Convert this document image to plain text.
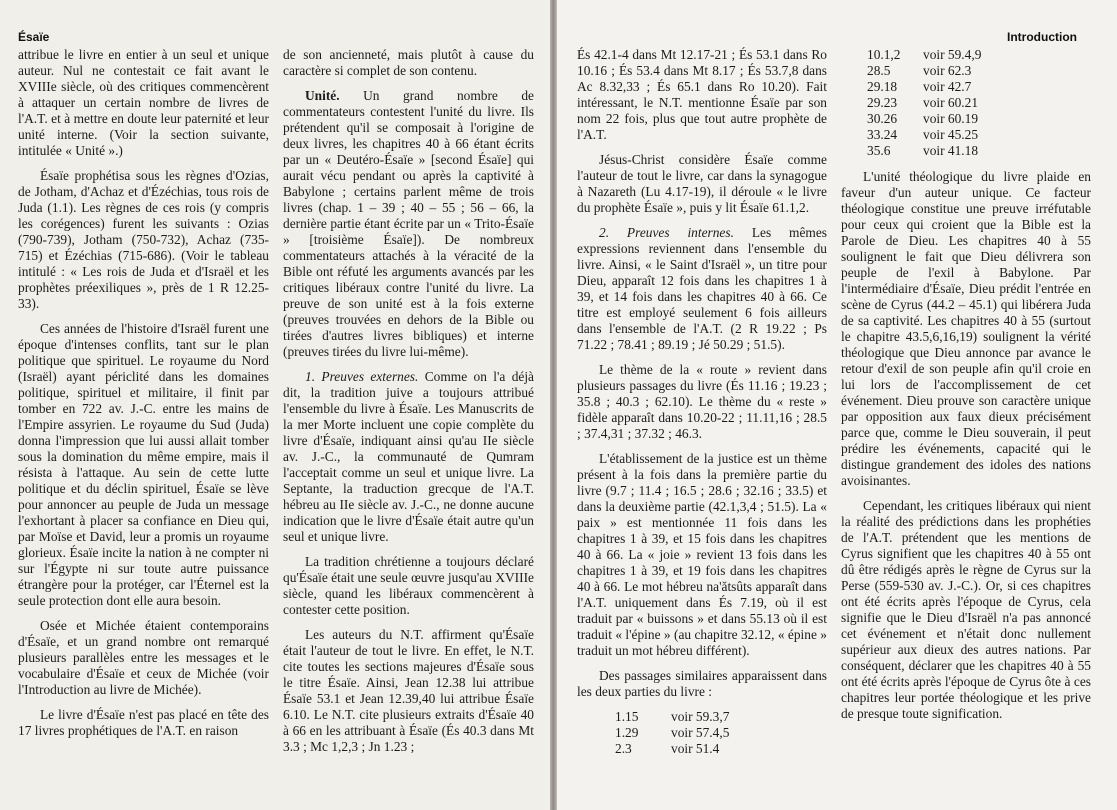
Ésaïe

attribue le livre en entier à un seul et unique auteur. Nul ne contestait ce fait avant le XVIIIe siècle, où des critiques commencèrent à attaquer un certain nombre de livres de l'A.T. et à mettre en doute leur paternité et leur unité interne. (Voir la section suivante, intitulée « Unité ».)

Ésaïe prophétisa sous les règnes d'Ozias, de Jotham, d'Achaz et d'Ézéchias, tous rois de Juda (1.1). Les règnes de ces rois (y compris les corégences) furent les suivants : Ozias (790-739), Jotham (750-732), Achaz (735-715) et Ézéchias (715-686). (Voir le tableau intitulé : « Les rois de Juda et d'Israël et les prophètes préexiliques », près de 1 R 12.25-33).

Ces années de l'histoire d'Israël furent une époque d'intenses conflits, tant sur le plan politique que spirituel. Le royaume du Nord (Israël) ayant périclité dans les domaines politique, spirituel et militaire, il finit par tomber en 722 av. J.-C. entre les mains de l'Empire assyrien. Le royaume du Sud (Juda) donna l'impression que lui aussi allait tomber sous la domination du même empire, mais il résista à l'attaque. Au sein de cette lutte politique et du déclin spirituel, Ésaïe se lève pour annoncer au peuple de Juda un message l'exhortant à placer sa confiance en Dieu qui, par Moïse et David, leur a promis un royaume glorieux. Ésaïe incite la nation à ne compter ni sur l'Égypte ni sur toute autre puissance étrangère pour la protéger, car l'Éternel est la seule protection dont elle aura besoin.

Osée et Michée étaient contemporains d'Ésaïe, et un grand nombre ont remarqué plusieurs parallèles entre les messages et le vocabulaire d'Ésaïe et ceux de Michée (voir l'Introduction au livre de Michée).

Le livre d'Ésaïe n'est pas placé en tête des 17 livres prophétiques de l'A.T. en raison

de son ancienneté, mais plutôt à cause du caractère si complet de son contenu.

Unité. Un grand nombre de commentateurs contestent l'unité du livre. Ils prétendent qu'il se composait à l'origine de deux livres, les chapitres 40 à 66 étant écrits par un « Deutéro-Ésaïe » [second Ésaïe] qui aurait vécu pendant ou après la captivité à Babylone ; certains parlent même de trois livres (chap. 1 – 39 ; 40 – 55 ; 56 – 66, la dernière partie étant écrite par un « Trito-Ésaïe » [troisième Ésaïe]). De nombreux commentateurs attachés à la véracité de la Bible ont réfuté les arguments avancés par les critiques libéraux contre l'unité du livre. La preuve de son unité est à la fois externe (preuves trouvées en dehors de la Bible ou tirées d'autres livres bibliques) et interne (preuves tirées du livre lui-même).

1. Preuves externes. Comme on l'a déjà dit, la tradition juive a toujours attribué l'ensemble du livre à Ésaïe. Les Manuscrits de la mer Morte incluent une copie complète du livre d'Ésaïe, indiquant ainsi qu'au IIe siècle av. J.-C., la communauté de Qumram l'acceptait comme un seul et unique livre. La Septante, la traduction grecque de l'A.T. hébreu au IIe siècle av. J.-C., ne donne aucune indication que le livre d'Ésaïe était autre qu'un seul et unique livre.

La tradition chrétienne a toujours déclaré qu'Ésaïe était une seule œuvre jusqu'au XVIIIe siècle, quand les libéraux commencèrent à contester cette position.

Les auteurs du N.T. affirment qu'Ésaïe était l'auteur de tout le livre. En effet, le N.T. cite toutes les sections majeures d'Ésaïe sous le titre Ésaïe. Ainsi, Jean 12.38 lui attribue Ésaïe 53.1 et Jean 12.39,40 lui attribue Ésaïe 6.10. Le N.T. cite plusieurs extraits d'Ésaïe 40 à 66 en les attribuant à Ésaïe (És 40.3 dans Mt 3.3 ; Mc 1,2,3 ; Jn 1.23 ;

Introduction

És 42.1-4 dans Mt 12.17-21 ; És 53.1 dans Ro 10.16 ; És 53.4 dans Mt 8.17 ; És 53.7,8 dans Ac 8.32,33 ; És 65.1 dans Ro 10.20). Fait intéressant, le N.T. mentionne Ésaïe par son nom 22 fois, plus que tout autre prophète de l'A.T.

Jésus-Christ considère Ésaïe comme l'auteur de tout le livre, car dans la synagogue à Nazareth (Lu 4.17-19), il déroule « le livre du prophète Ésaïe », puis y lit Ésaïe 61.1,2.

2. Preuves internes. Les mêmes expressions reviennent dans l'ensemble du livre. Ainsi, « le Saint d'Israël », un titre pour Dieu, apparaît 12 fois dans les chapitres 1 à 39, et 14 fois dans les chapitres 40 à 66. Ce titre est employé seulement 6 fois ailleurs dans l'ensemble de l'A.T. (2 R 19.22 ; Ps 71.22 ; 78.41 ; 89.19 ; Jé 50.29 ; 51.5).

Le thème de la « route » revient dans plusieurs passages du livre (És 11.16 ; 19.23 ; 35.8 ; 40.3 ; 62.10). Le thème du « reste » fidèle apparaît dans 10.20-22 ; 11.11,16 ; 28.5 ; 37.4,31 ; 37.32 ; 46.3.

L'établissement de la justice est un thème présent à la fois dans la première partie du livre (9.7 ; 11.4 ; 16.5 ; 28.6 ; 32.16 ; 33.5) et dans la deuxième partie (42.1,3,4 ; 51.5). La « paix » est mentionnée 11 fois dans les chapitres 1 à 39, et 15 fois dans les chapitres 40 à 66. La « joie » revient 13 fois dans les chapitres 1 à 39, et 19 fois dans les chapitres 40 à 66. Le mot hébreu na'ătsûts apparaît dans l'A.T. uniquement dans És 7.19, où il est traduit par « buissons » et dans 55.13 où il est traduit « l'épine » (au chapitre 32.12, « épine » traduit un mot hébreu différent).

Des passages similaires apparaissent dans les deux parties du livre :

1.15	voir 59.3,7
1.29	voir 57.4,5
2.3	voir 51.4
10.1,2	voir 59.4,9
28.5	voir 62.3
29.18	voir 42.7
29.23	voir 60.21
30.26	voir 60.19
33.24	voir 45.25
35.6	voir 41.18

L'unité théologique du livre plaide en faveur d'un auteur unique. Ce facteur théologique constitue une preuve irréfutable pour ceux qui croient que la Bible est la Parole de Dieu. Les chapitres 40 à 55 soulignent le fait que Dieu délivrera son peuple de l'exil à Babylone. Par l'intermédiaire d'Ésaïe, Dieu prédit l'entrée en scène de Cyrus (44.2 – 45.1) qui libérera Juda de sa captivité. Les chapitres 40 à 55 (surtout le chapitre 43.5,6,16,19) soulignent la vérité théologique que Dieu annonce par avance le retour d'exil de son peuple afin qu'il croie en lui lors de l'accomplissement de cet événement. Dieu prouve son caractère unique par opposition aux faux dieux précisément parce que, comme le Dieu souverain, il peut prédire les événements, capacité qui le distingue grandement des idoles des nations avoisinantes.

Cependant, les critiques libéraux qui nient la réalité des prédictions dans les prophéties de l'A.T. prétendent que les mentions de Cyrus signifient que les chapitres 40 à 55 ont dû être rédigés après le règne de Cyrus sur la Perse (559-530 av. J.-C.). Or, si ces chapitres ont été écrits après l'époque de Cyrus, cela signifie que le Dieu d'Israël n'a pas annoncé cet événement et n'était donc nullement supérieur aux dieux des autres nations. Par conséquent, déclarer que les chapitres 40 à 55 ont été écrits après l'époque de Cyrus ôte à ces chapitres leur portée théologique et les prive de presque toute signification.
